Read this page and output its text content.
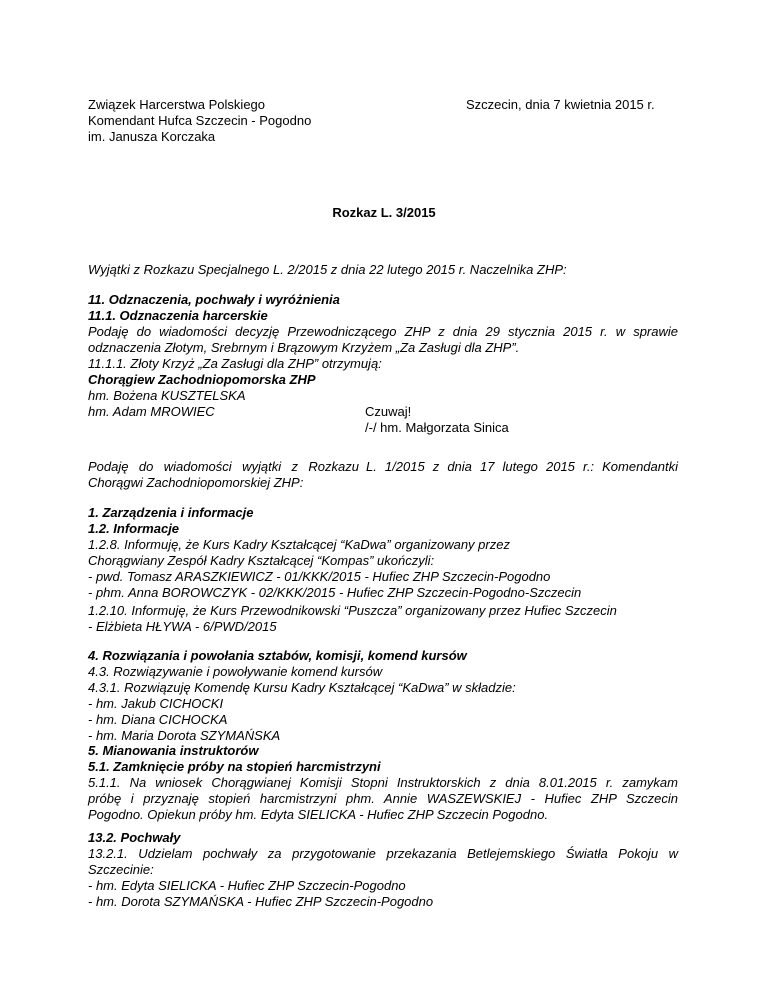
Związek Harcerstwa Polskiego
Komendant Hufca Szczecin - Pogodno
im. Janusza Korczaka
Szczecin, dnia 7 kwietnia 2015 r.
Rozkaz L. 3/2015
Wyjątki z Rozkazu Specjalnego L. 2/2015 z dnia 22 lutego 2015 r. Naczelnika ZHP:
11. Odznaczenia, pochwały i wyróżnienia
11.1. Odznaczenia harcerskie
Podaję do wiadomości decyzję Przewodniczącego ZHP z dnia 29 stycznia 2015 r. w sprawie
odznaczenia Złotym, Srebrnym i Brązowym Krzyżem „Za Zasługi dla ZHP”.
11.1.1. Złoty Krzyż „Za Zasługi dla ZHP” otrzymują:
Chorągiew Zachodniopomorska ZHP
hm. Bożena KUSZTELSKA
hm. Adam MROWIEC	Czuwaj!
/-/ hm. Małgorzata Sinica
Podaję do wiadomości wyjątki z Rozkazu
Chorągwi Zachodniopomorskiej ZHP:
L. 1/2015 z dnia 17 lutego 2015 r.: Komendantki
1. Zarządzenia i informacje
1.2. Informacje
1.2.8. Informuję, że Kurs Kadry Kształcącej “KaDwa” organizowany przez
Chorągwiany Zespół Kadry Kształcącej “Kompas” ukończyli:
- pwd. Tomasz ARASZKIEWICZ - 01/KKK/2015 - Hufiec ZHP Szczecin-Pogodno
- phm. Anna BOROWCZYK - 02/KKK/2015 - Hufiec ZHP Szczecin-Pogodno-Szczecin
1.2.10. Informuję, że Kurs Przewodnikowski “Puszcza” organizowany przez Hufiec Szczecin
- Elżbieta HŁYWA - 6/PWD/2015
4. Rozwiązania i powołania sztabów, komisji, komend kursów
4.3. Rozwiązywanie i powoływanie komend kursów
4.3.1. Rozwiązuję Komendę Kursu Kadry Kształcącej “KaDwa” w składzie:
- hm. Jakub CICHOCKI
- hm. Diana CICHOCKA
- hm. Maria Dorota SZYMAŃSKA
5. Mianowania instruktorów
5.1. Zamknięcie próby na stopień harcmistrzyni
5.1.1. Na wniosek Chorągwianej Komisji Stopni Instruktorskich z dnia 8.01.2015 r. zamykam
próbę i przyznaję stopień harcmistrzyni phm. Annie WASZEWSKIEJ - Hufiec ZHP Szczecin
Pogodno. Opiekun próby hm. Edyta SIELICKA - Hufiec ZHP Szczecin Pogodno.
13.2. Pochwały
13.2.1. Udzielam pochwały za przygotowanie przekazania Betlejemskiego Światła Pokoju w
Szczecinie:
- hm. Edyta SIELICKA - Hufiec ZHP Szczecin-Pogodno
- hm. Dorota SZYMAŃSKA - Hufiec ZHP Szczecin-Pogodno
